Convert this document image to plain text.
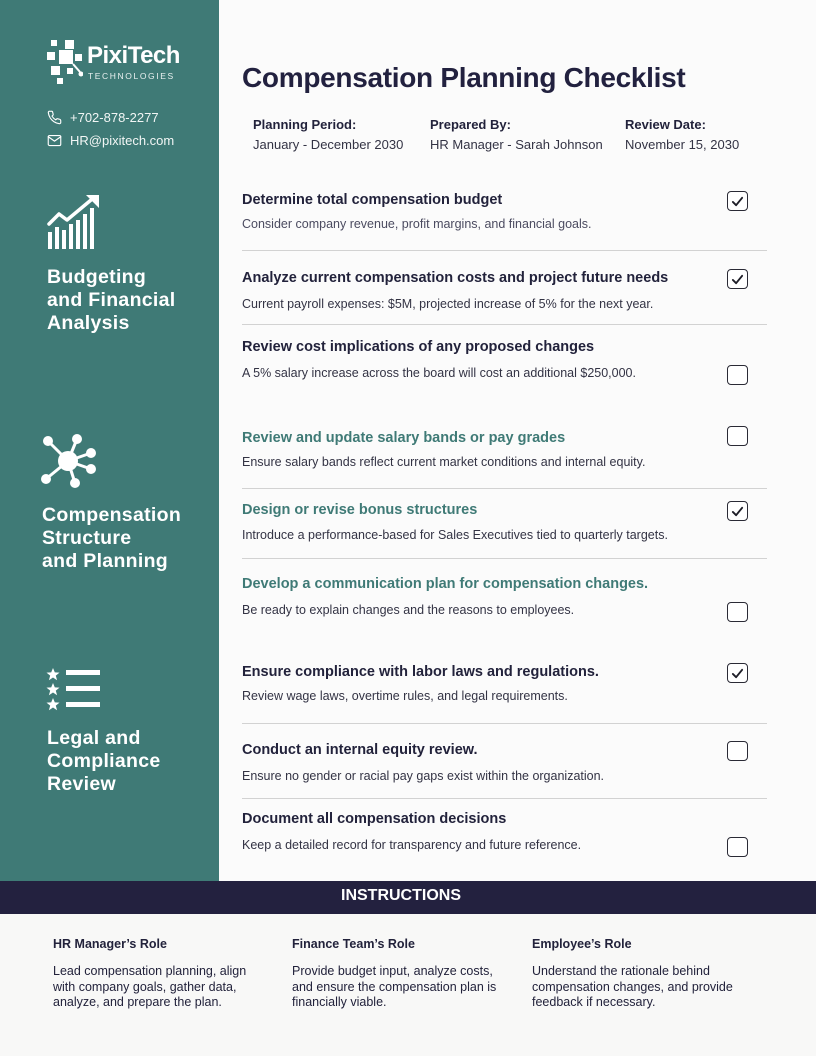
PixiTech
TECHNOLOGIES
+702-878-2277
HR@pixitech.com
Budgeting
and Financial
Analysis
Compensation
Structure
and Planning
Legal and
Compliance
Review
Compensation Planning Checklist
Planning Period:
January - December 2030
Prepared By:
HR Manager - Sarah Johnson
Review Date:
November 15, 2030
Determine total compensation budget
Consider company revenue, profit margins, and financial goals.
Analyze current compensation costs and project future needs
Current payroll expenses: $5M, projected increase of 5% for the next year.
Review cost implications of any proposed changes
A 5% salary increase across the board will cost an additional $250,000.
Review and update salary bands or pay grades
Ensure salary bands reflect current market conditions and internal equity.
Design or revise bonus structures
Introduce a performance-based for Sales Executives tied to quarterly targets.
Develop a communication plan for compensation changes.
Be ready to explain changes and the reasons to employees.
Ensure compliance with labor laws and regulations.
Review wage laws, overtime rules, and legal requirements.
Conduct an internal equity review.
Ensure no gender or racial pay gaps exist within the organization.
Document all compensation decisions
Keep a detailed record for transparency and future reference.
INSTRUCTIONS
HR Manager’s Role
Lead compensation planning, align with company goals, gather data, analyze, and prepare the plan.
Finance Team’s Role
Provide budget input, analyze costs, and ensure the compensation plan is financially viable.
Employee’s Role
Understand the rationale behind compensation changes, and provide feedback if necessary.
